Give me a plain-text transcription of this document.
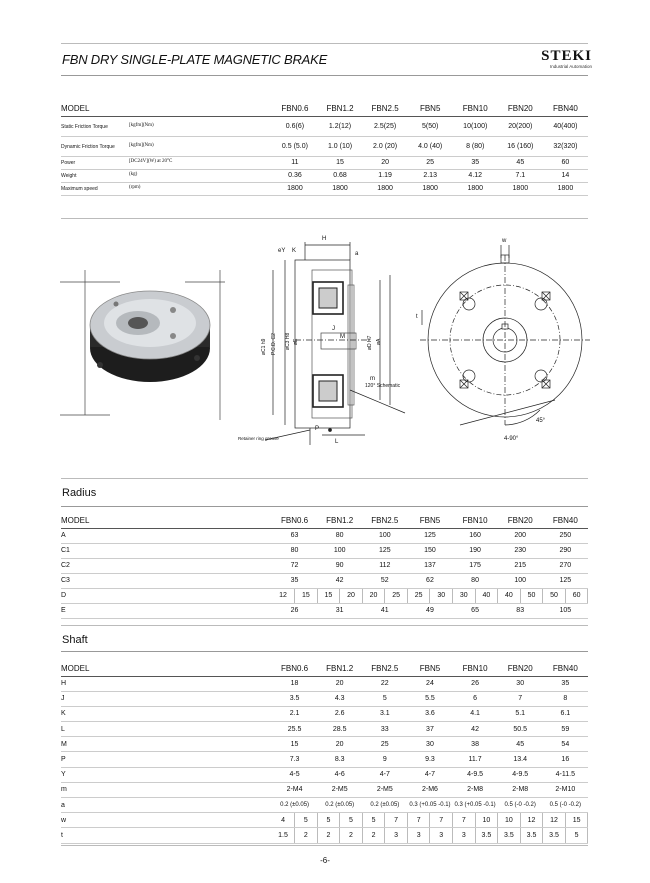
FBN DRY SINGLE-PLATE MAGNETIC BRAKE	STEKI
Industrial Automation
MODEL	FBN0.6	FBN1.2	FBN2.5	FBN5	FBN10	FBN20	FBN40
Static Friction Torque [kgfm](Nm)	0.6(6)	1.2(12)	2.5(25)	5(50)	10(100)	20(200)	40(400)
Dynamic Friction Torque [kgfm](Nm)	0.5 (5.0)	1.0 (10)	2.0 (20)	4.0 (40)	8 (80)	16 (160)	32(320)
Power [DC24V](W) at 20°C	11	15	20	25	35	45	60
Weight (kg)	0.36	0.68	1.19	2.13	4.12	7.1	14
Maximum speed (rpm)	1800	1800	1800	1800	1800	1800	1800
H
K	a
eY
J
M
m
120° Schematic
P
L
Retainer ring groove
øC1 h9 P.C.D. C2 øC3 H8 øE	øD H7 øA
w
t
45°
4-90°
Radius
MODEL	FBN0.6		FBN1.2		FBN2.5		FBN5		FBN10		FBN20		FBN40	
A	63		80		100		125		160		200		250	
C1	80		100		125		150		190		230		290	
C2	72		90		112		137		175		215		270	
C3	35		42		52		62		80		100		125	
D	12	15	15	20	20	25	25	30	30	40	40	50	50	60
E	26		31		41		49		65		83		105	
Shaft
MODEL	FBN0.6		FBN1.2		FBN2.5		FBN5		FBN10		FBN20		FBN40	
H	18		20		22		24		26		30		35	
J	3.5		4.3		5		5.5		6		7		8	
K	2.1		2.6		3.1		3.6		4.1		5.1		6.1	
L	25.5		28.5		33		37		42		50.5		59	
M	15		20		25		30		38		45		54	
P	7.3		8.3		9		9.3		11.7		13.4		16	
Y	4-5		4-6		4-7		4-7		4-9.5		4-9.5		4-11.5	
m	2-M4		2-M5		2-M5		2-M6		2-M8		2-M8		2-M10	
a	0.2 (±0.05)		0.2 (±0.05)		0.2 (±0.05)		0.3 (+0.05 -0.1)		0.3 (+0.05 -0.1)		0.5 (-0 -0.2)		0.5 (-0 -0.2)	
w	4	5	5	5	5	7	7	7	7	10	10	12	12	15
t	1.5	2	2	2	2	3	3	3	3	3.5	3.5	3.5	3.5	5
-6-
